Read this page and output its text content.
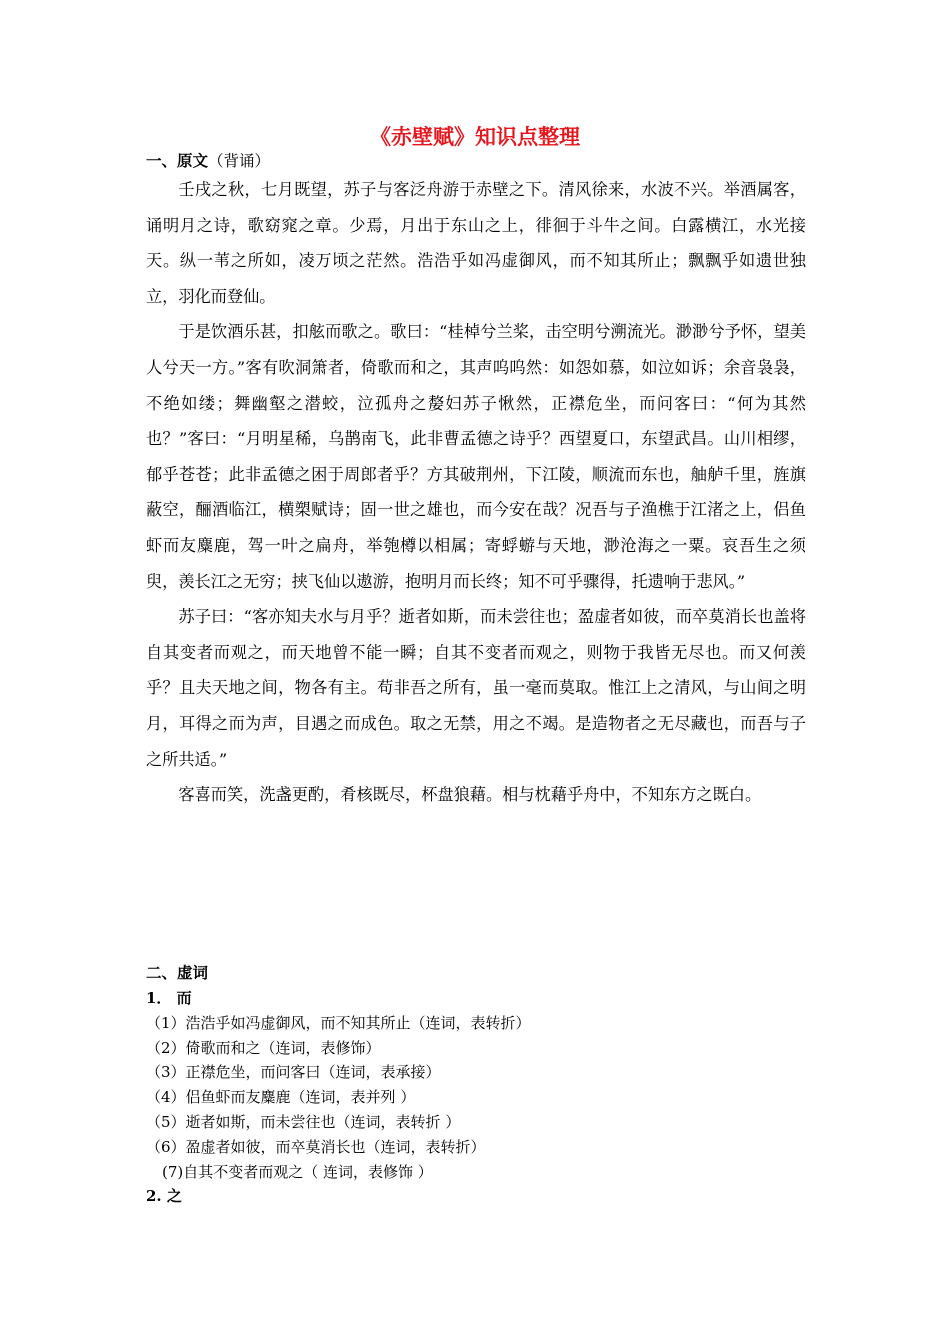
《赤壁赋》知识点整理
一、原文（背诵）

壬戌之秋，七月既望，苏子与客泛舟游于赤壁之下。清风徐来，水波不兴。举酒属客，诵明月之诗，歌窈窕之章。少焉，月出于东山之上，徘徊于斗牛之间。白露横江，水光接天。纵一苇之所如，凌万顷之茫然。浩浩乎如冯虚御风，而不知其所止；飘飘乎如遗世独立，羽化而登仙。

于是饮酒乐甚，扣舷而歌之。歌曰：“桂棹兮兰桨，击空明兮溯流光。渺渺兮予怀，望美人兮天一方。”客有吹洞箫者，倚歌而和之，其声呜呜然：如怨如慕，如泣如诉；余音袅袅，不绝如缕；舞幽壑之潜蛟，泣孤舟之嫠妇苏子愀然，正襟危坐，而问客曰：“何为其然也？”客曰：“月明星稀，乌鹊南飞，此非曹孟德之诗乎？西望夏口，东望武昌。山川相缪，郁乎苍苍；此非孟德之困于周郎者乎？方其破荆州，下江陵，顺流而东也，舳舻千里，旌旗蔽空，酾酒临江，横槊赋诗；固一世之雄也，而今安在哉？况吾与子渔樵于江渚之上，侣鱼虾而友麋鹿，驾一叶之扁舟，举匏樽以相属；寄蜉蝣与天地，渺沧海之一粟。哀吾生之须臾，羡长江之无穷；挟飞仙以遨游，抱明月而长终；知不可乎骤得，托遗响于悲风。”

苏子曰：“客亦知夫水与月乎？逝者如斯，而未尝往也；盈虚者如彼，而卒莫消长也盖将自其变者而观之，而天地曾不能一瞬；自其不变者而观之，则物于我皆无尽也。而又何羡乎？且夫天地之间，物各有主。苟非吾之所有，虽一毫而莫取。惟江上之清风，与山间之明月，耳得之而为声，目遇之而成色。取之无禁，用之不竭。是造物者之无尽藏也，而吾与子之所共适。”

客喜而笑，洗盏更酌，肴核既尽，杯盘狼藉。相与枕藉乎舟中，不知东方之既白。

二、虚词
1． 而
（1）浩浩乎如冯虚御风，而不知其所止（连词，表转折）
（2）倚歌而和之（连词，表修饰）
（3）正襟危坐，而问客曰（连词，表承接）
（4）侣鱼虾而友麋鹿（连词，表并列 ）
（5）逝者如斯，而未尝往也（连词，表转折 ）
（6）盈虚者如彼，而卒莫消长也（连词，表转折）
(7)自其不变者而观之（ 连词，表修饰 ）
2. 之
